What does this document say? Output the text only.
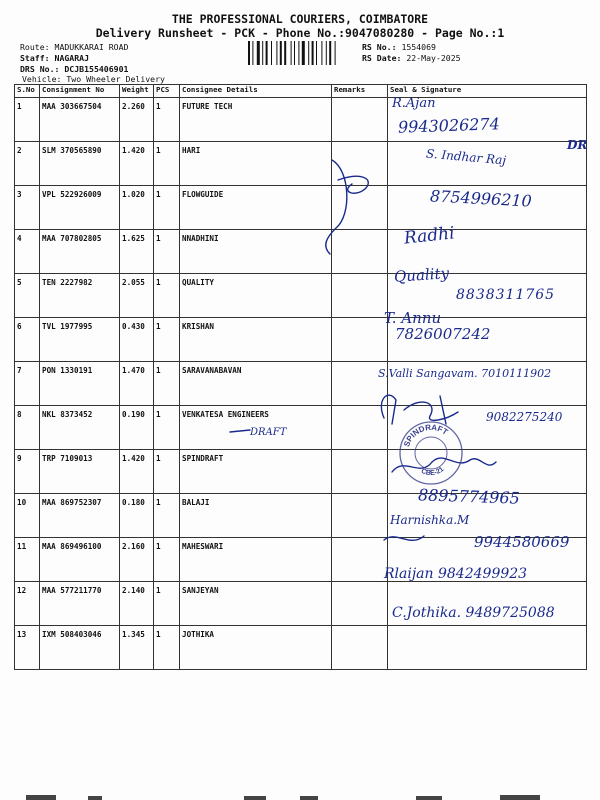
THE PROFESSIONAL COURIERS, COIMBATORE
Delivery Runsheet - PCK - Phone No.:9047080280 - Page No.:1
Route: MADUKKARAI ROAD
Staff: NAGARAJ
DRS No.: DCJB155406901
Vehicle: Two Wheeler Delivery
RS No.: 1554069
RS Date: 22-May-2025
S.No	Consignment No	Weight	PCS	Consignee Details	Remarks	Seal & Signature
1	MAA 303667504	2.260	1	FUTURE TECH		
2	SLM 370565890	1.420	1	HARI		
3	VPL 522926009	1.020	1	FLOWGUIDE		
4	MAA 707802805	1.625	1	NNADHINI		
5	TEN 2227982	2.055	1	QUALITY		
6	TVL 1977995	0.430	1	KRISHAN		
7	PON 1330191	1.470	1	SARAVANABAVAN		
8	NKL 8373452	0.190	1	VENKATESA ENGINEERS		
9	TRP 7109013	1.420	1	SPINDRAFT		
10	MAA 869752307	0.180	1	BALAJI		
11	MAA 869496100	2.160	1	MAHESWARI		
12	MAA 577211770	2.140	1	SANJEYAN		
13	IXM 508403046	1.345	1	JOTHIKA		
R.Ajan
9943026274
S. Indhar Raj
DR
8754996210
Radhi
Quality
8838311765
T. Annu
7826007242
S.Valli Sangavam. 7010111902
9082275240
DRAFT
8895774965
Harnishka.M
9944580669
Rlaijan 9842499923
C.Jothika. 9489725088
SPINDRAFT
CBE-21
